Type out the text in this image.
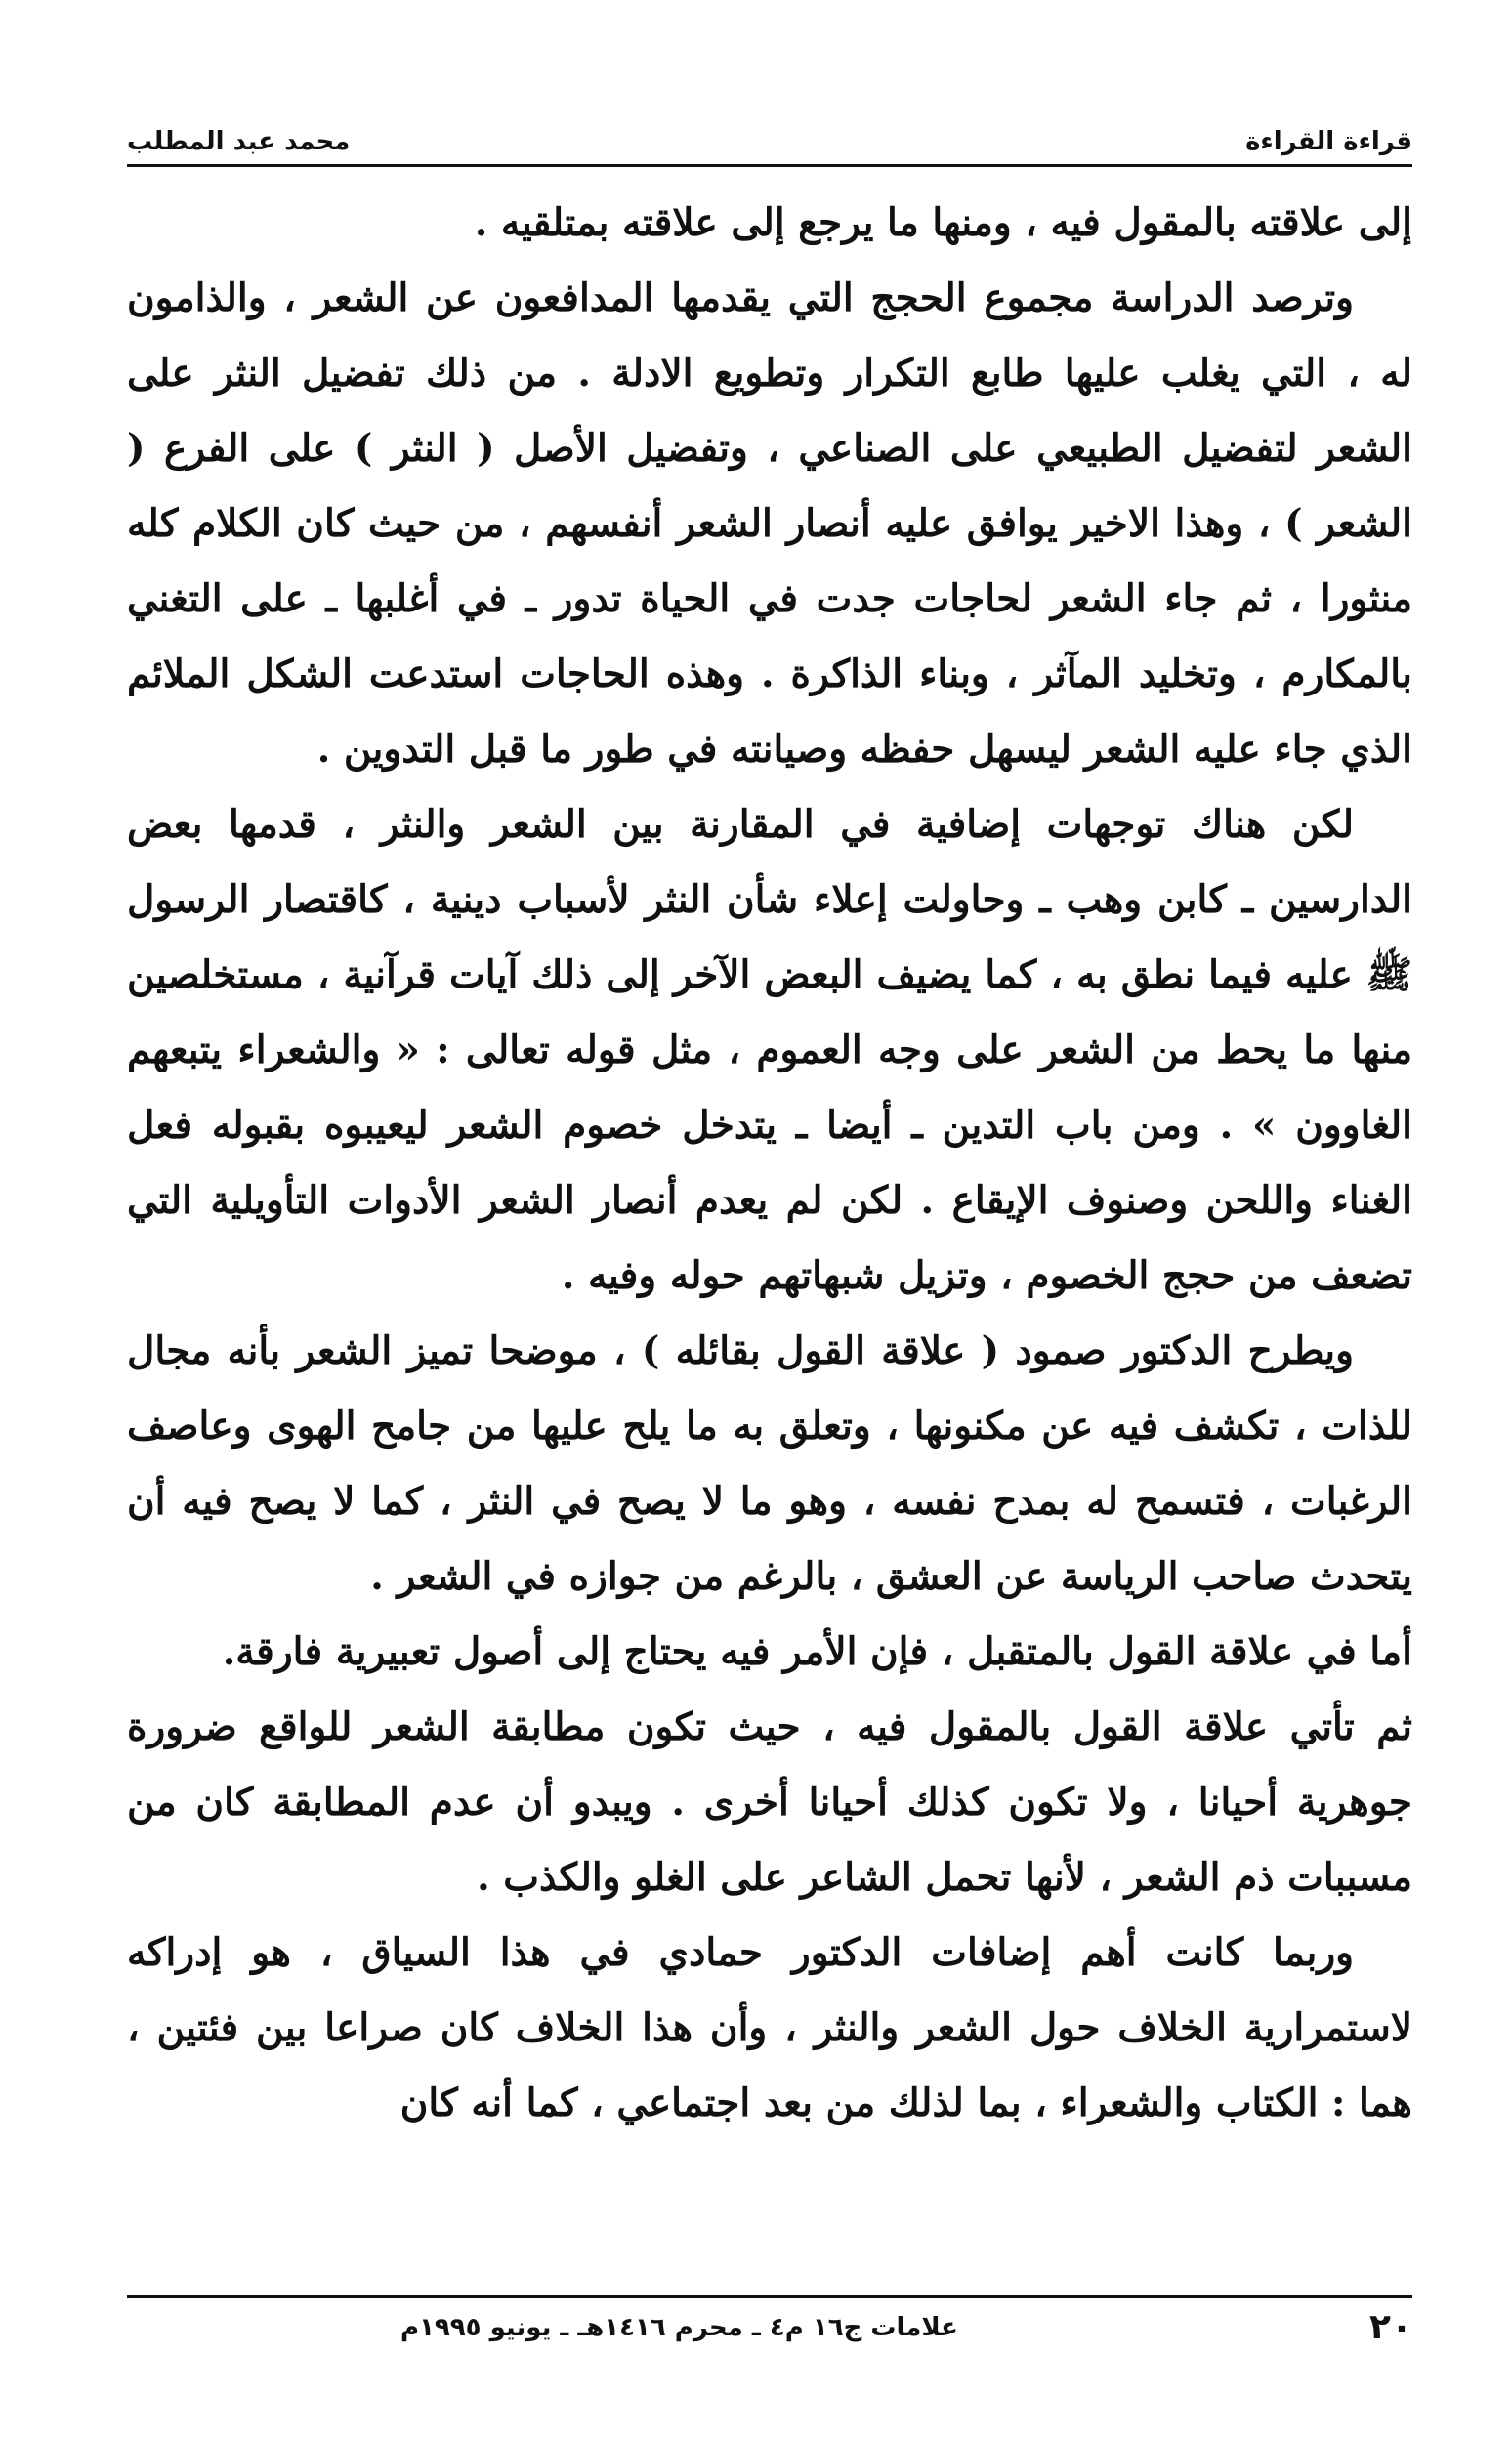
قراءة القراءة
محمد عبد المطلب

إلى علاقته بالمقول فيه ، ومنها ما يرجع إلى علاقته بمتلقيه .

وترصد الدراسة مجموع الحجج التي يقدمها المدافعون عن الشعر ، والذامون له ، التي يغلب عليها طابع التكرار وتطويع الادلة . من ذلك تفضيل النثر على الشعر لتفضيل الطبيعي على الصناعي ، وتفضيل الأصل ( النثر ) على الفرع ( الشعر ) ، وهذا الاخير يوافق عليه أنصار الشعر أنفسهم ، من حيث كان الكلام كله منثورا ، ثم جاء الشعر لحاجات جدت في الحياة تدور ـ في أغلبها ـ على التغني بالمكارم ، وتخليد المآثر ، وبناء الذاكرة . وهذه الحاجات استدعت الشكل الملائم الذي جاء عليه الشعر ليسهل حفظه وصيانته في طور ما قبل التدوين .

لكن هناك توجهات إضافية في المقارنة بين الشعر والنثر ، قدمها بعض الدارسين ـ كابن وهب ـ وحاولت إعلاء شأن النثر لأسباب دينية ، كاقتصار الرسول ﷺ عليه فيما نطق به ، كما يضيف البعض الآخر إلى ذلك آيات قرآنية ، مستخلصين منها ما يحط من الشعر على وجه العموم ، مثل قوله تعالى : « والشعراء يتبعهم الغاوون » . ومن باب التدين ـ أيضا ـ يتدخل خصوم الشعر ليعيبوه بقبوله فعل الغناء واللحن وصنوف الإيقاع . لكن لم يعدم أنصار الشعر الأدوات التأويلية التي تضعف من حجج الخصوم ، وتزيل شبهاتهم حوله وفيه .

ويطرح الدكتور صمود ( علاقة القول بقائله ) ، موضحا تميز الشعر بأنه مجال للذات ، تكشف فيه عن مكنونها ، وتعلق به ما يلح عليها من جامح الهوى وعاصف الرغبات ، فتسمح له بمدح نفسه ، وهو ما لا يصح في النثر ، كما لا يصح فيه أن يتحدث صاحب الرياسة عن العشق ، بالرغم من جوازه في الشعر .

أما في علاقة القول بالمتقبل ، فإن الأمر فيه يحتاج إلى أصول تعبيرية فارقة.

ثم تأتي علاقة القول بالمقول فيه ، حيث تكون مطابقة الشعر للواقع ضرورة جوهرية أحيانا ، ولا تكون كذلك أحيانا أخرى . ويبدو أن عدم المطابقة كان من مسببات ذم الشعر ، لأنها تحمل الشاعر على الغلو والكذب .

وربما كانت أهم إضافات الدكتور حمادي في هذا السياق ، هو إدراكه لاستمرارية الخلاف حول الشعر والنثر ، وأن هذا الخلاف كان صراعا بين فئتين ، هما : الكتاب والشعراء ، بما لذلك من بعد اجتماعي ، كما أنه كان

٢٠
علامات ج١٦ م٤ ـ محرم ١٤١٦هـ ـ يونيو ١٩٩٥م
